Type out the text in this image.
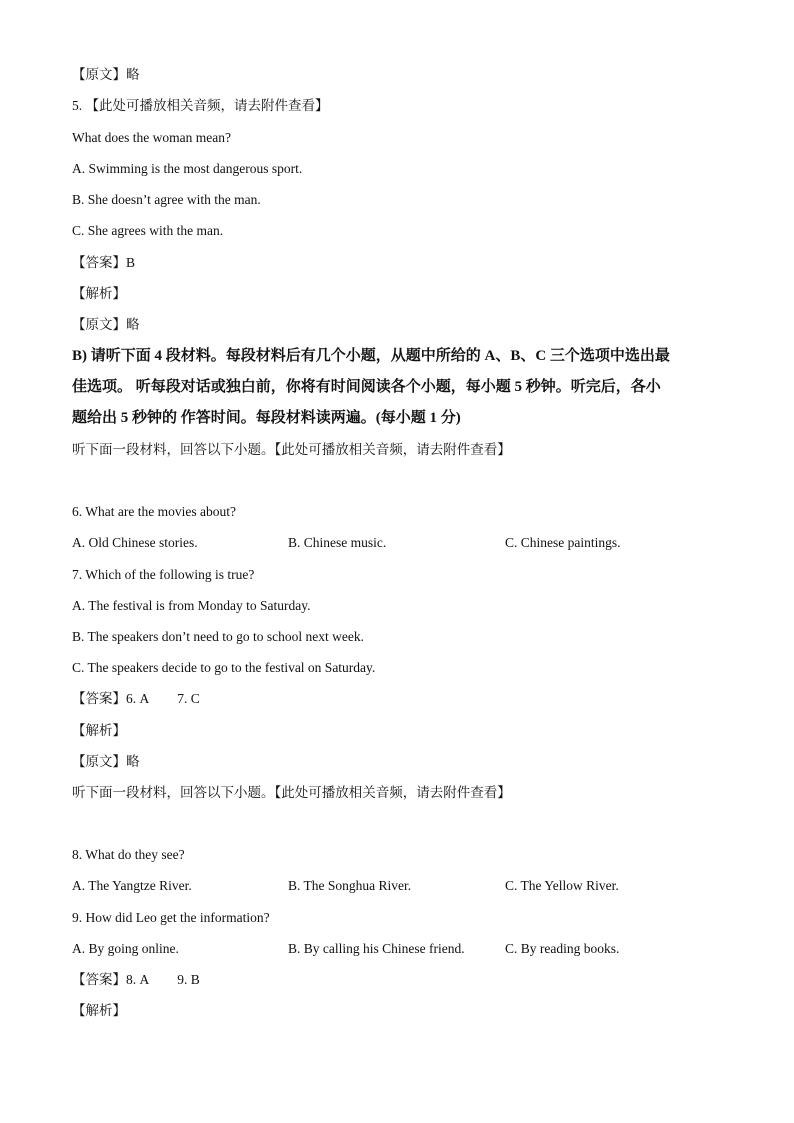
【原文】略
5. 【此处可播放相关音频，请去附件查看】
What does the woman mean?
A. Swimming is the most dangerous sport.
B. She doesn’t agree with the man.
C. She agrees with the man.
【答案】B
【解析】
【原文】略
B) 请听下面 4 段材料。每段材料后有几个小题，从题中所给的 A、B、C 三个选项中选出最
佳选项。 听每段对话或独白前，你将有时间阅读各个小题，每小题 5 秒钟。听完后，各小
题给出 5 秒钟的 作答时间。每段材料读两遍。(每小题 1 分)
听下面一段材料，回答以下小题。【此处可播放相关音频，请去附件查看】
6. What are the movies about?
A. Old Chinese stories.	B. Chinese music.	C. Chinese paintings.
7. Which of the following is true?
A. The festival is from Monday to Saturday.
B. The speakers don’t need to go to school next week.
C. The speakers decide to go to the festival on Saturday.
【答案】6. A 7. C
【解析】
【原文】略
听下面一段材料，回答以下小题。【此处可播放相关音频，请去附件查看】
8. What do they see?
A. The Yangtze River.	B. The Songhua River.	C. The Yellow River.
9. How did Leo get the information?
A. By going online.	B. By calling his Chinese friend.	C. By reading books.
【答案】8. A 9. B
【解析】
